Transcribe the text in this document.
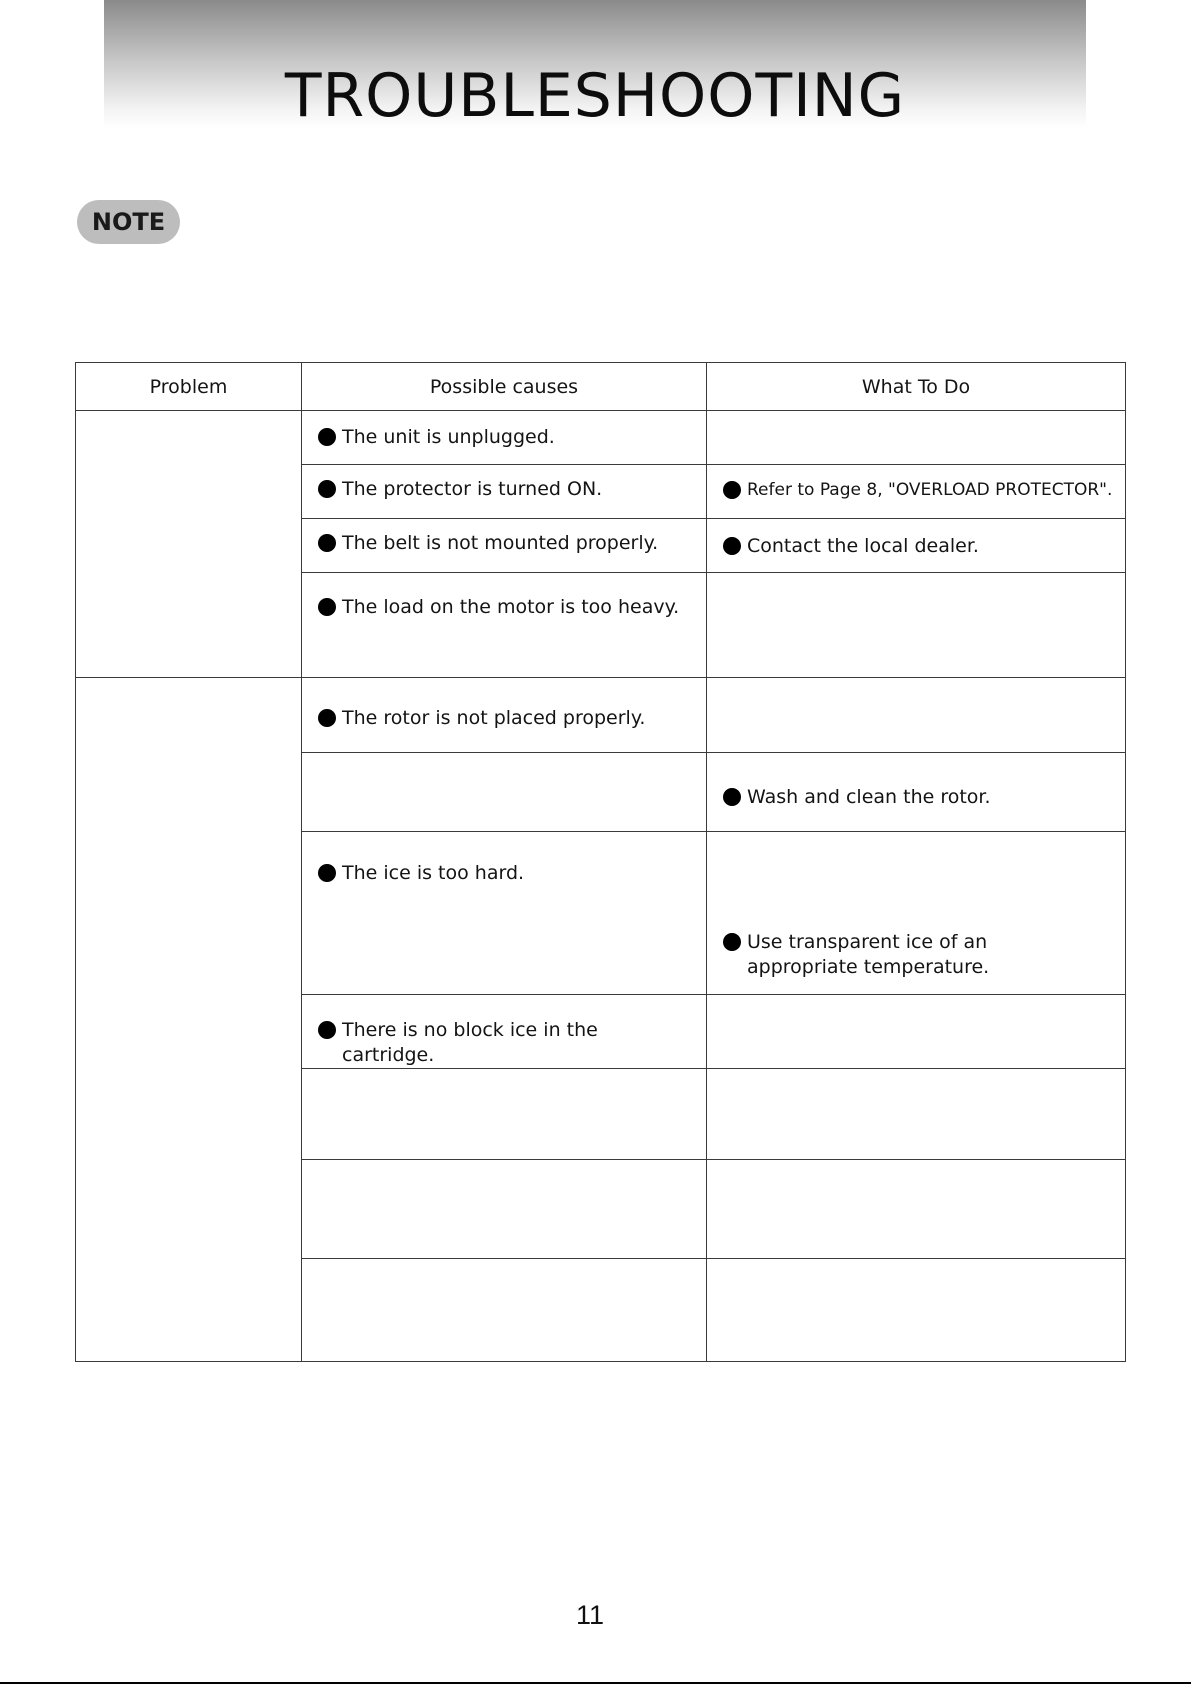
TROUBLESHOOTING
NOTE
Problem	Possible causes	What To Do

	The unit is unplugged.	

	The protector is turned ON.	Refer to Page 8, "OVERLOAD PROTECTOR".

	The belt is not mounted properly.	Contact the local dealer.

	The load on the motor is too heavy.	

	The rotor is not placed properly.	

		Wash and clean the rotor.

	The ice is too hard.	Use transparent ice of an appropriate temperature.

	There is no block ice in the cartridge.	

11
